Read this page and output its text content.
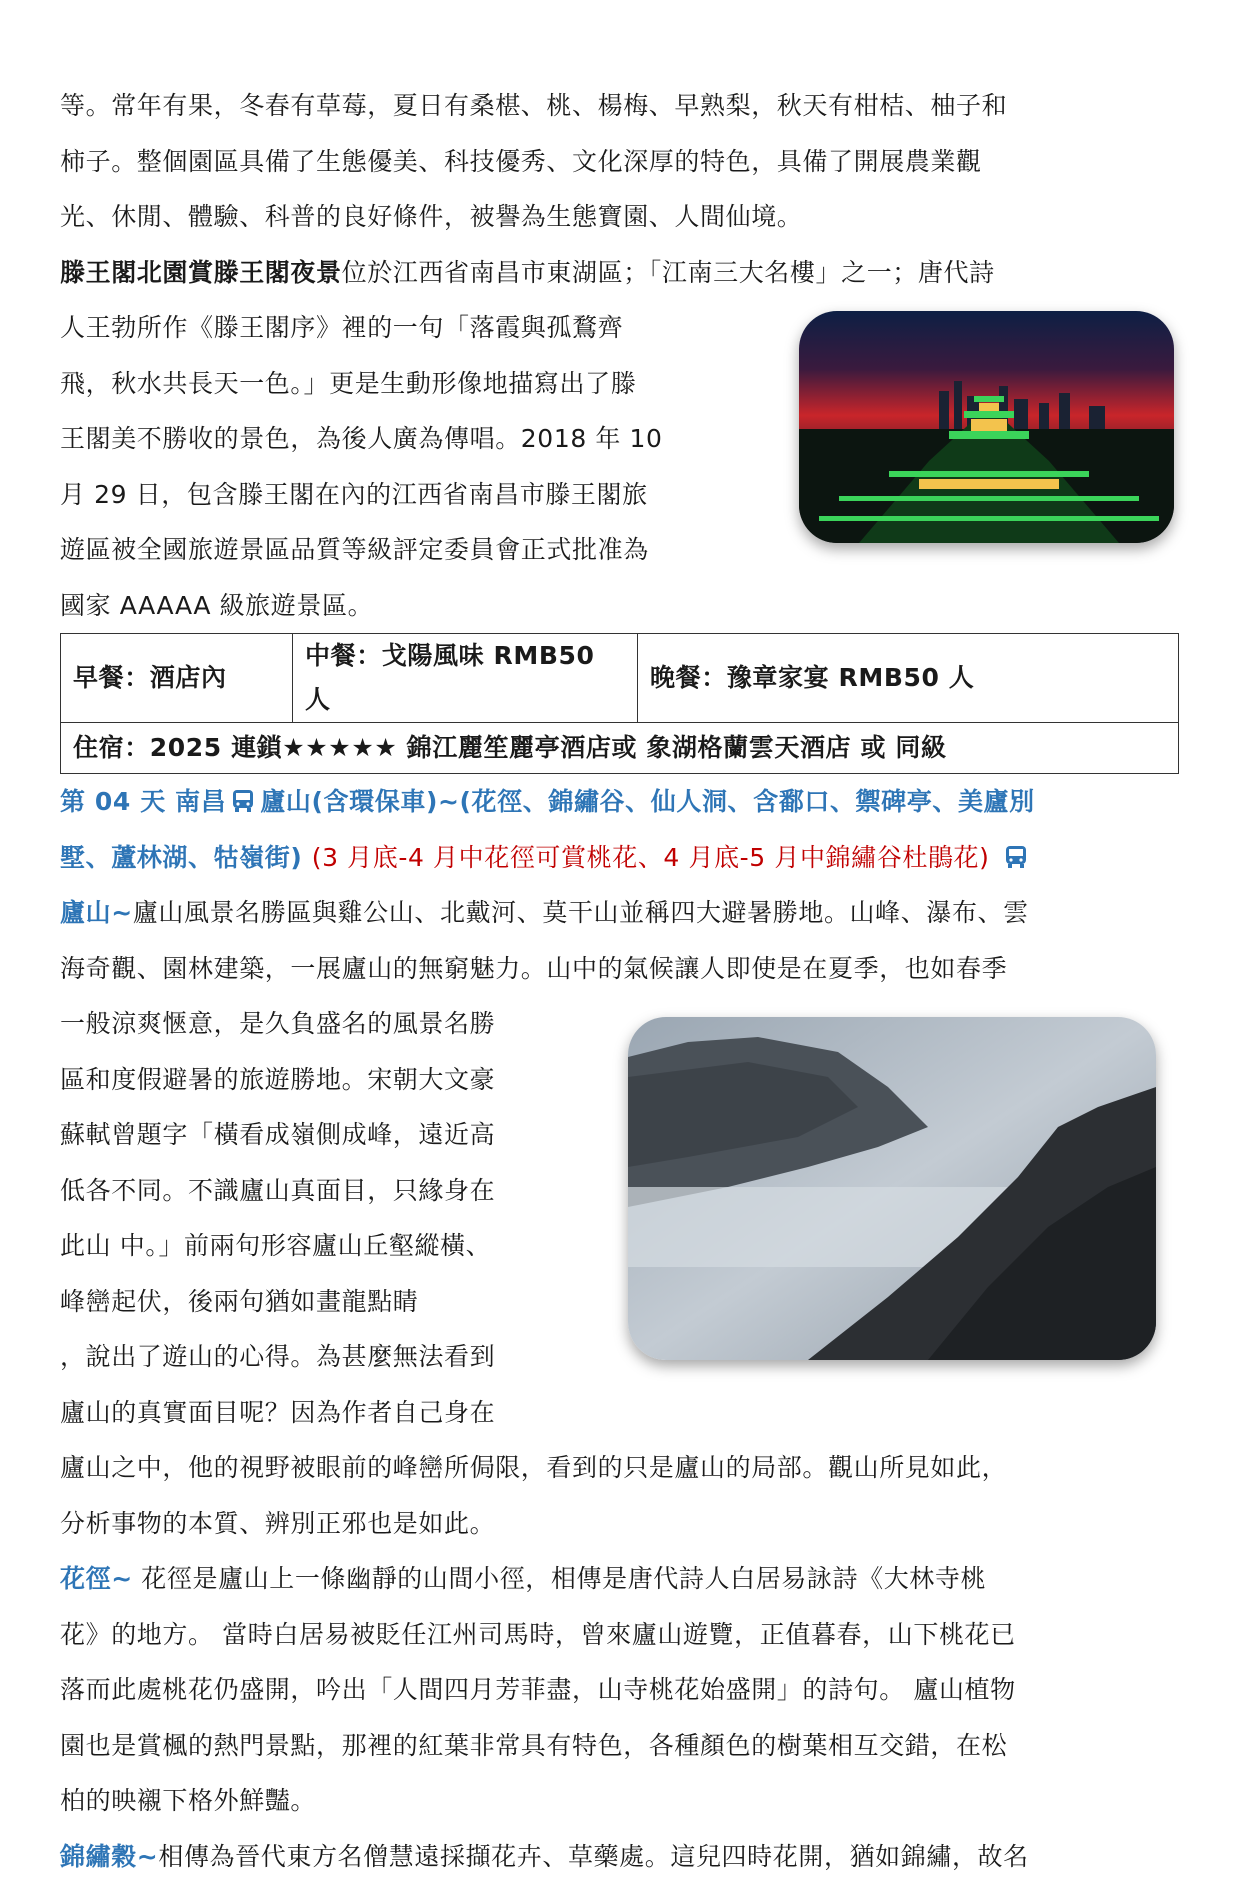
等。常年有果，冬春有草莓，夏日有桑椹、桃、楊梅、早熟梨，秋天有柑桔、柚子和

柿子。整個園區具備了生態優美、科技優秀、文化深厚的特色，具備了開展農業觀

光、休閒、體驗、科普的良好條件，被譽為生態寶園、人間仙境。

滕王閣北園賞滕王閣夜景位於江西省南昌市東湖區；「江南三大名樓」之一；唐代詩

人王勃所作《滕王閣序》裡的一句「落霞與孤鶩齊

飛，秋水共長天一色。」更是生動形像地描寫出了滕

王閣美不勝收的景色，為後人廣為傳唱。2018 年 10

月 29 日，包含滕王閣在內的江西省南昌市滕王閣旅

遊區被全國旅遊景區品質等級評定委員會正式批准為

國家 AAAAA 級旅遊景區。

早餐：酒店內	中餐：戈陽風味 RMB50 人	晚餐：豫章家宴 RMB50 人
住宿：2025 連鎖★★★★★ 錦江麗笙麗亭酒店或 象湖格蘭雲天酒店 或 同級

第 04 天 南昌 廬山(含環保車)~(花徑、錦繡谷、仙人洞、含鄱口、禦碑亭、美廬別

墅、蘆林湖、牯嶺街) (3 月底-4 月中花徑可賞桃花、4 月底-5 月中錦繡谷杜鵑花)

廬山~廬山風景名勝區與雞公山、北戴河、莫干山並稱四大避暑勝地。山峰、瀑布、雲

海奇觀、園林建築，一展廬山的無窮魅力。山中的氣候讓人即使是在夏季，也如春季

一般涼爽愜意，是久負盛名的風景名勝

區和度假避暑的旅遊勝地。宋朝大文豪

蘇軾曾題字「橫看成嶺側成峰，遠近高

低各不同。不識廬山真面目，只緣身在

此山 中。」前兩句形容廬山丘壑縱橫、

峰巒起伏，後兩句猶如畫龍點睛

，說出了遊山的心得。為甚麼無法看到

廬山的真實面目呢？因為作者自己身在

廬山之中，他的視野被眼前的峰巒所侷限，看到的只是廬山的局部。觀山所見如此，

分析事物的本質、辨別正邪也是如此。

花徑~ 花徑是廬山上一條幽靜的山間小徑，相傳是唐代詩人白居易詠詩《大林寺桃

花》的地方。 當時白居易被貶任江州司馬時，曾來廬山遊覽，正值暮春，山下桃花已

落而此處桃花仍盛開，吟出「人間四月芳菲盡，山寺桃花始盛開」的詩句。 廬山植物

園也是賞楓的熱門景點，那裡的紅葉非常具有特色，各種顏色的樹葉相互交錯，在松

柏的映襯下格外鮮豔。

錦繡穀~相傳為晉代東方名僧慧遠採擷花卉、草藥處。這兒四時花開，猶如錦繡，故名
